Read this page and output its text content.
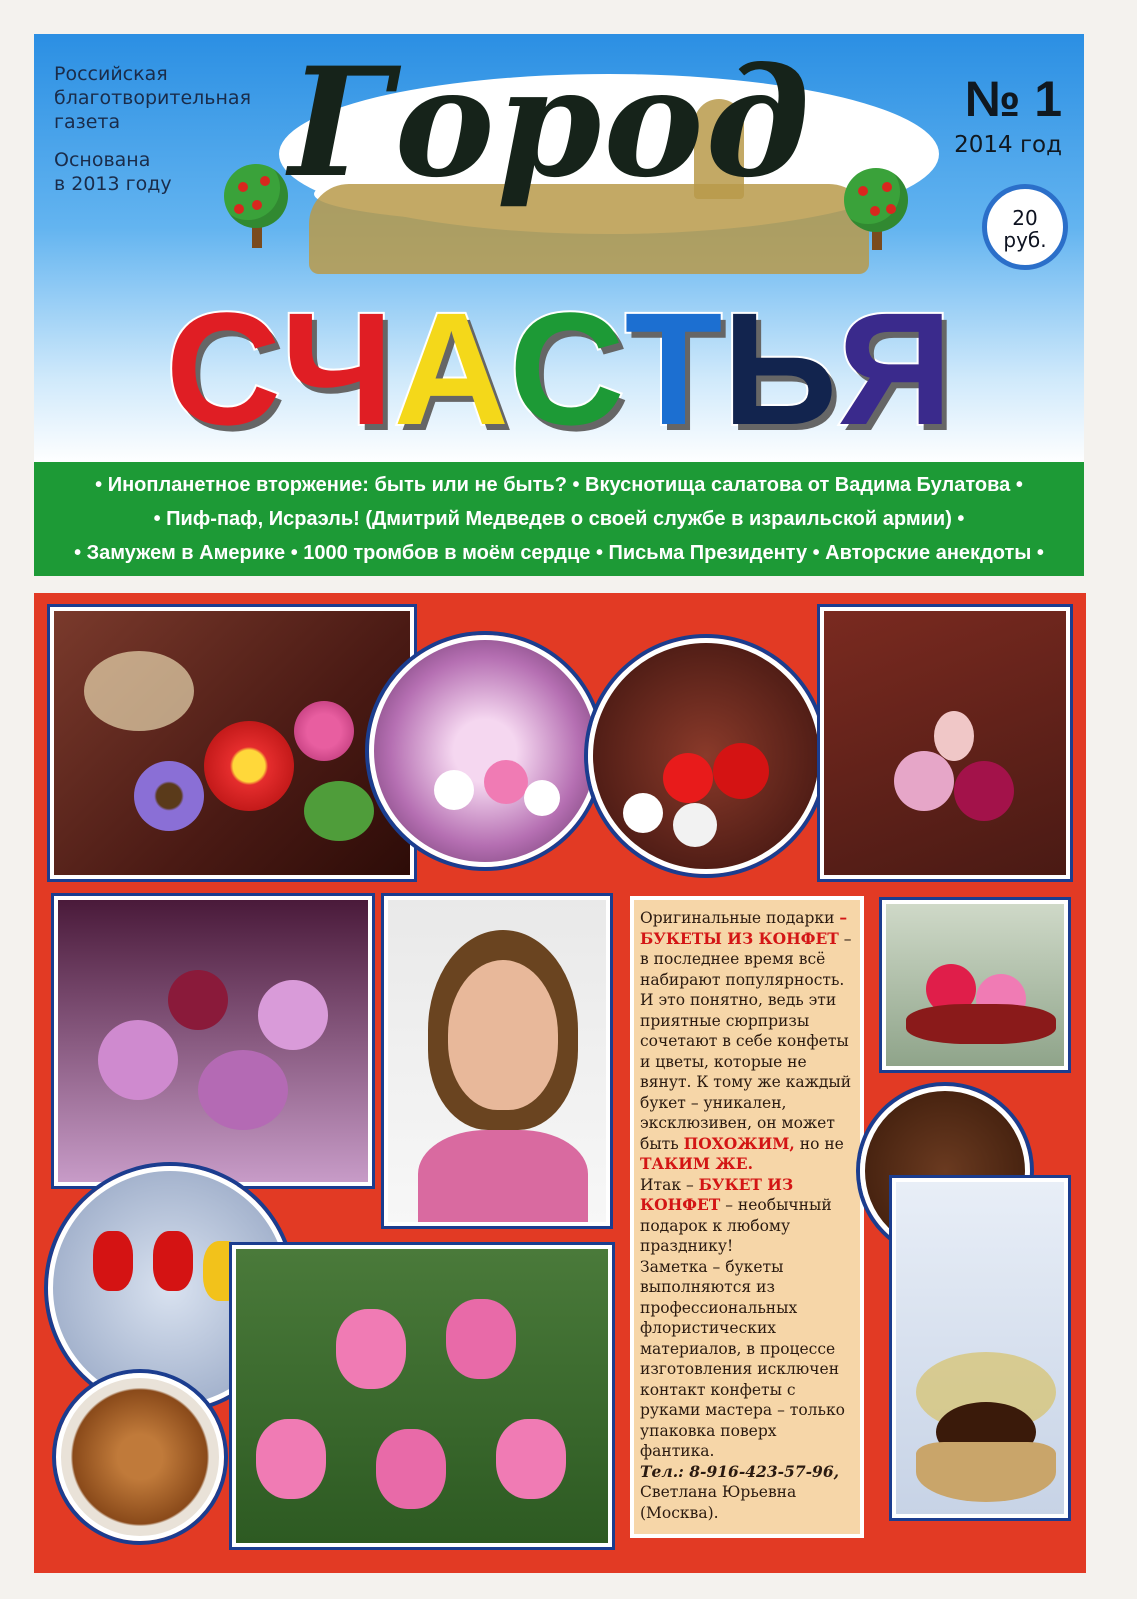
Российская
благотворительная
газета
Основана
в 2013 году Город	№ 1
2014 год
20
руб.
С Ч А С Т Ь Я
• Инопланетное вторжение: быть или не быть? • Вкуснотища салатова от Вадима Булатова •
• Пиф-паф, Исраэль! (Дмитрий Медведев о своей службе в израильской армии) •
• Замужем в Америке • 1000 тромбов в моём сердце • Письма Президенту • Авторские анекдоты •
Оригинальные подарки – БУКЕТЫ ИЗ КОНФЕТ – в последнее время всё набирают популярность. И это понятно, ведь эти приятные сюрпризы сочетают в себе конфеты и цветы, которые не вянут. К тому же каждый букет – уникален, эксклюзивен, он может быть ПОХОЖИМ, но не ТАКИМ ЖЕ.
Итак – БУКЕТ ИЗ КОНФЕТ – необычный подарок к любому празднику!
Заметка – букеты выполняются из профессиональных флористических материалов, в процессе изготовления исключен контакт конфеты с руками мастера – только упаковка поверх фантика.
Тел.: 8-916-423-57-96,
Светлана Юрьевна
(Москва).
